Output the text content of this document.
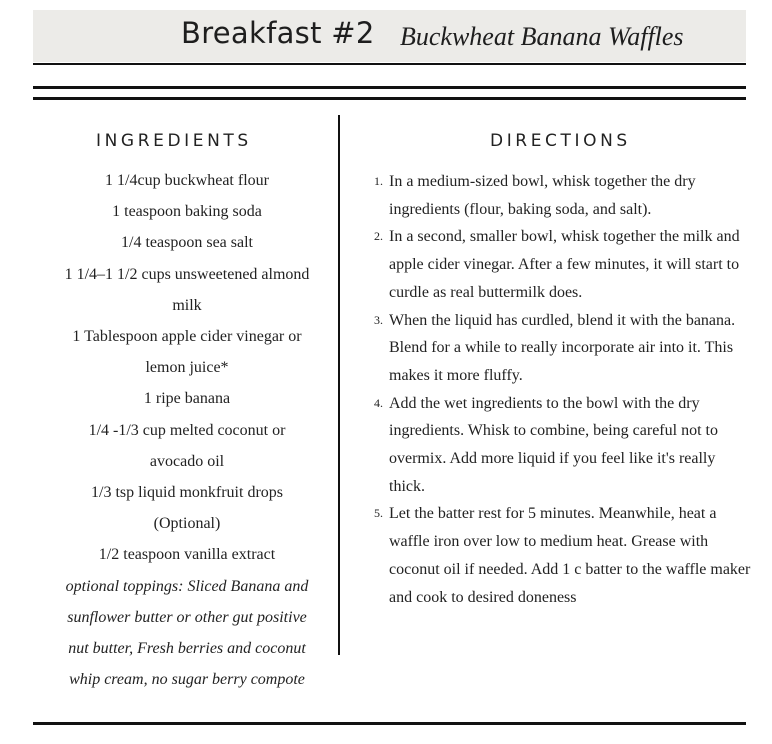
Breakfast #2 Buckwheat Banana Waffles
INGREDIENTS	DIRECTIONS
1 1/4cup buckwheat flour
1 teaspoon baking soda
1/4 teaspoon sea salt
1 1/4–1 1/2 cups unsweetened almond
milk
1 Tablespoon apple cider vinegar or
lemon juice*
1 ripe banana
1/4 -1/3 cup melted coconut or
avocado oil
1/3 tsp liquid monkfruit drops
(Optional)
1/2 teaspoon vanilla extract
optional toppings: Sliced Banana and
sunflower butter or other gut positive
nut butter, Fresh berries and coconut
whip cream, no sugar berry compote
1. In a medium-sized bowl, whisk together the dry ingredients (flour, baking soda, and salt).
2. In a second, smaller bowl, whisk together the milk and apple cider vinegar. After a few minutes, it will start to curdle as real buttermilk does.
3. When the liquid has curdled, blend it with the banana. Blend for a while to really incorporate air into it. This makes it more fluffy.
4. Add the wet ingredients to the bowl with the dry ingredients. Whisk to combine, being careful not to overmix. Add more liquid if you feel like it's really thick.
5. Let the batter rest for 5 minutes. Meanwhile, heat a waffle iron over low to medium heat. Grease with coconut oil if needed. Add 1 c batter to the waffle maker and cook to desired doneness
